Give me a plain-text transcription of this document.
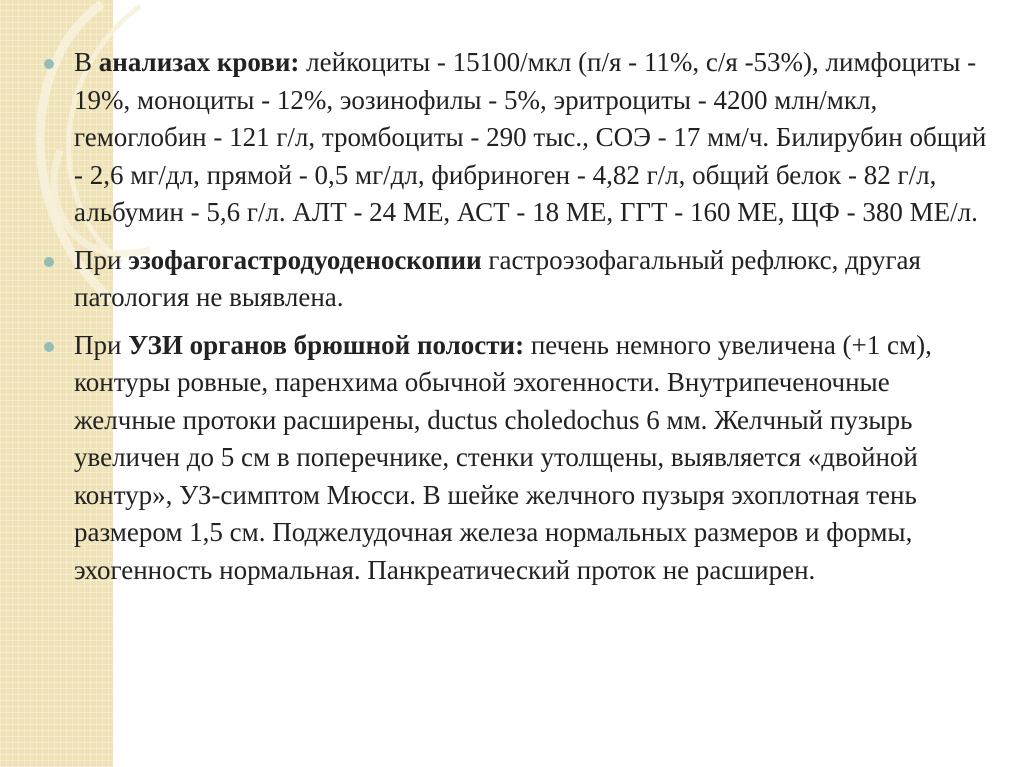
В анализах крови: лейкоциты - 15100/мкл (п/я - 11%, с/я -53%), лимфоциты - 19%, моноциты - 12%, эозинофилы - 5%, эритроциты - 4200 млн/мкл, гемоглобин - 121 г/л, тромбоциты - 290 тыс., СОЭ - 17 мм/ч. Билирубин общий - 2,6 мг/дл, прямой - 0,5 мг/дл, фибриноген - 4,82 г/л, общий белок - 82 г/л, альбумин - 5,6 г/л. АЛТ - 24 МЕ, АСТ - 18 МЕ, ГГТ - 160 МЕ, ЩФ - 380 МЕ/л.
При эзофагогастродуоденоскопии гастроэзофагальный рефлюкс, другая патология не выявлена.
При УЗИ органов брюшной полости: печень немного увеличена (+1 см), контуры ровные, паренхима обычной эхогенности. Внутрипеченочные желчные протоки расширены, ductus choledochus 6 мм. Желчный пузырь увеличен до 5 см в поперечнике, стенки утолщены, выявляется «двойной контур», УЗ-симптом Мюсси. В шейке желчного пузыря эхоплотная тень размером 1,5 см. Поджелудочная железа нормальных размеров и формы, эхогенность нормальная. Панкреатический проток не расширен.
